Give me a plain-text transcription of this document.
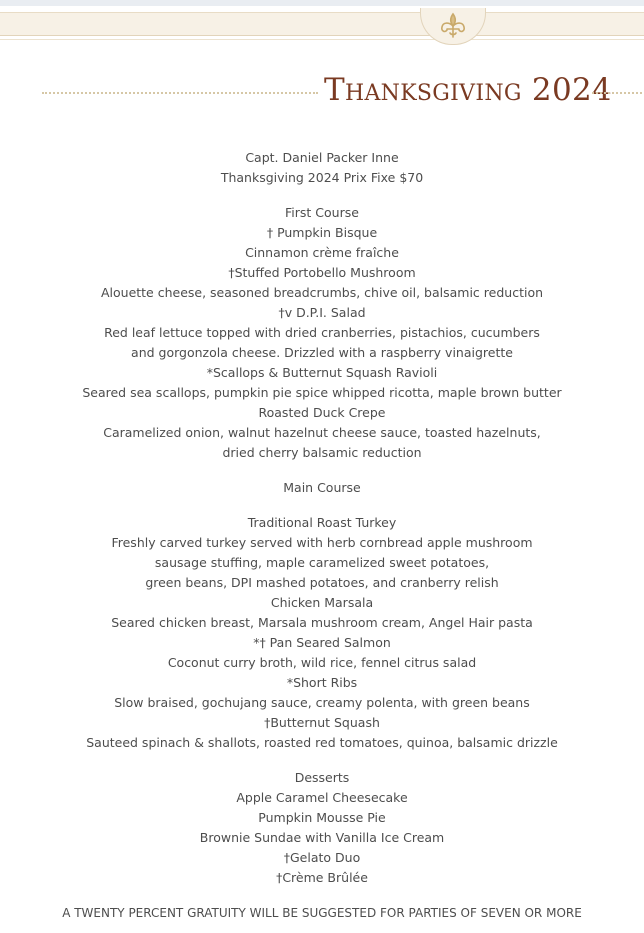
Thanksgiving 2024
Capt. Daniel Packer Inne
Thanksgiving 2024 Prix Fixe $70
First Course
† Pumpkin Bisque
Cinnamon crème fraîche
†Stuffed Portobello Mushroom
Alouette cheese, seasoned breadcrumbs, chive oil, balsamic reduction
†v D.P.I. Salad
Red leaf lettuce topped with dried cranberries, pistachios, cucumbers
and gorgonzola cheese. Drizzled with a raspberry vinaigrette
*Scallops & Butternut Squash Ravioli
Seared sea scallops, pumpkin pie spice whipped ricotta, maple brown butter
Roasted Duck Crepe
Caramelized onion, walnut hazelnut cheese sauce, toasted hazelnuts,
dried cherry balsamic reduction
Main Course
Traditional Roast Turkey
Freshly carved turkey served with herb cornbread apple mushroom
sausage stuffing, maple caramelized sweet potatoes,
green beans, DPI mashed potatoes, and cranberry relish
Chicken Marsala
Seared chicken breast, Marsala mushroom cream, Angel Hair pasta
*† Pan Seared Salmon
Coconut curry broth, wild rice, fennel citrus salad
*Short Ribs
Slow braised, gochujang sauce, creamy polenta, with green beans
†Butternut Squash
Sauteed spinach & shallots, roasted red tomatoes, quinoa, balsamic drizzle
Desserts
Apple Caramel Cheesecake
Pumpkin Mousse Pie
Brownie Sundae with Vanilla Ice Cream
†Gelato Duo
†Crème Brûlée
A TWENTY PERCENT GRATUITY WILL BE SUGGESTED FOR PARTIES OF SEVEN OR MORE
